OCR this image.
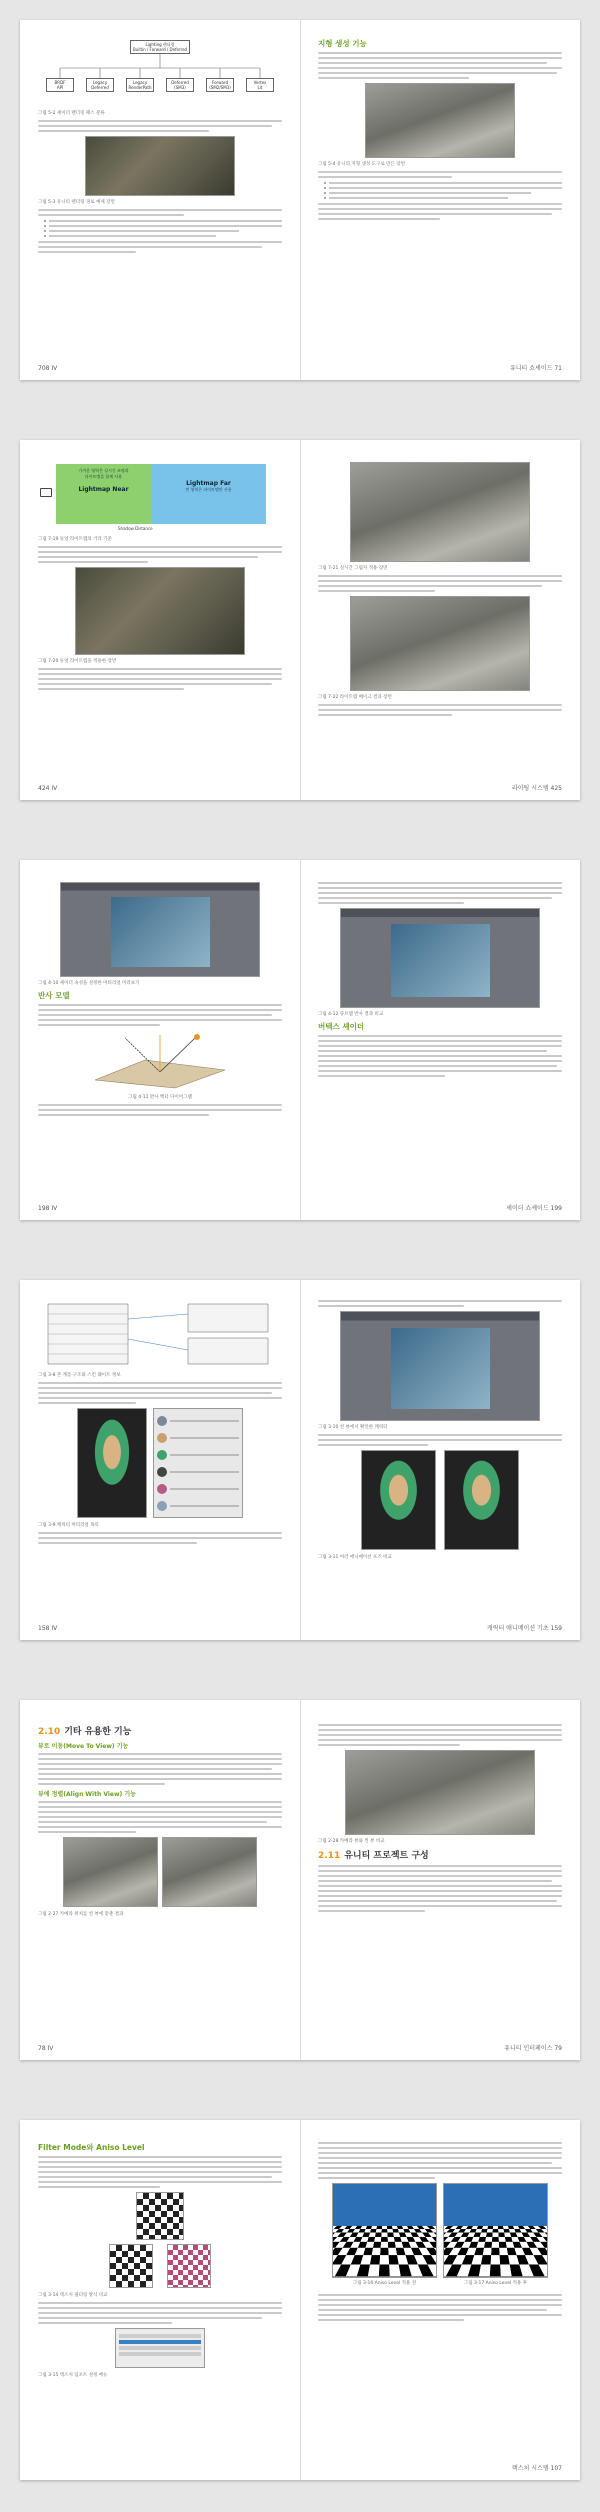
Lighting 렌더링
Builtin / Forward / Deferred
BRDF
API
Legacy
Deferred
Legacy
RenderPath
Deferred
(SM3)
Forward
(SM2/SM3)
Vertex
Lit
그림 5-2 셰이더 렌더링 패스 분류
그림 5-3 유니티 렌더링 경로 예제 장면
708 IV
지형 생성 기능
그림 5-4 유니티 지형 생성 도구로 만든 장면
유니티 쇼셰이드 71
가까운 영역은 실시간 조명과
라이트맵을 함께 사용
Lightmap Near
Lightmap Far
먼 영역은 라이트맵만 사용
Shadow Distance
그림 7-19 듀얼 라이트맵의 거리 기준
그림 7-20 듀얼 라이트맵을 적용한 장면
424 IV
그림 7-21 실시간 그림자 적용 장면
그림 7-22 라이트맵 베이크 결과 장면
라이팅 시스템 425
그림 4-10 셰이더 속성을 설정한 머티리얼 미리보기
반사 모델
그림 4-11 반사 벡터 다이어그램
198 IV
그림 4-12 큐브맵 반사 결과 비교
버텍스 셰이더
셰이더 쇼셰이드 199
그림 3-8 본 계층 구조와 스킨 웨이트 정보
그림 3-9 캐릭터 머티리얼 목록
158 IV
그림 3-10 씬 뷰에서 확인한 캐릭터
그림 3-11 여러 애니메이션 포즈 비교
캐릭터 애니메이션 기초 159
2.10 기타 유용한 기능
뷰로 이동(Move To View) 기능
뷰에 정렬(Align With View) 기능
그림 2-27 카메라 위치를 씬 뷰에 맞춘 결과
78 IV
그림 2-28 카메라 뷰와 씬 뷰 비교
2.11 유니티 프로젝트 구성
유니티 인터페이스 79
Filter Mode와 Aniso Level
그림 3-14 텍스처 필터링 방식 비교
그림 3-15 텍스처 임포트 설정 메뉴
그림 3-16 Aniso Level 적용 전	그림 3-17 Aniso Level 적용 후
텍스처 시스템 107
